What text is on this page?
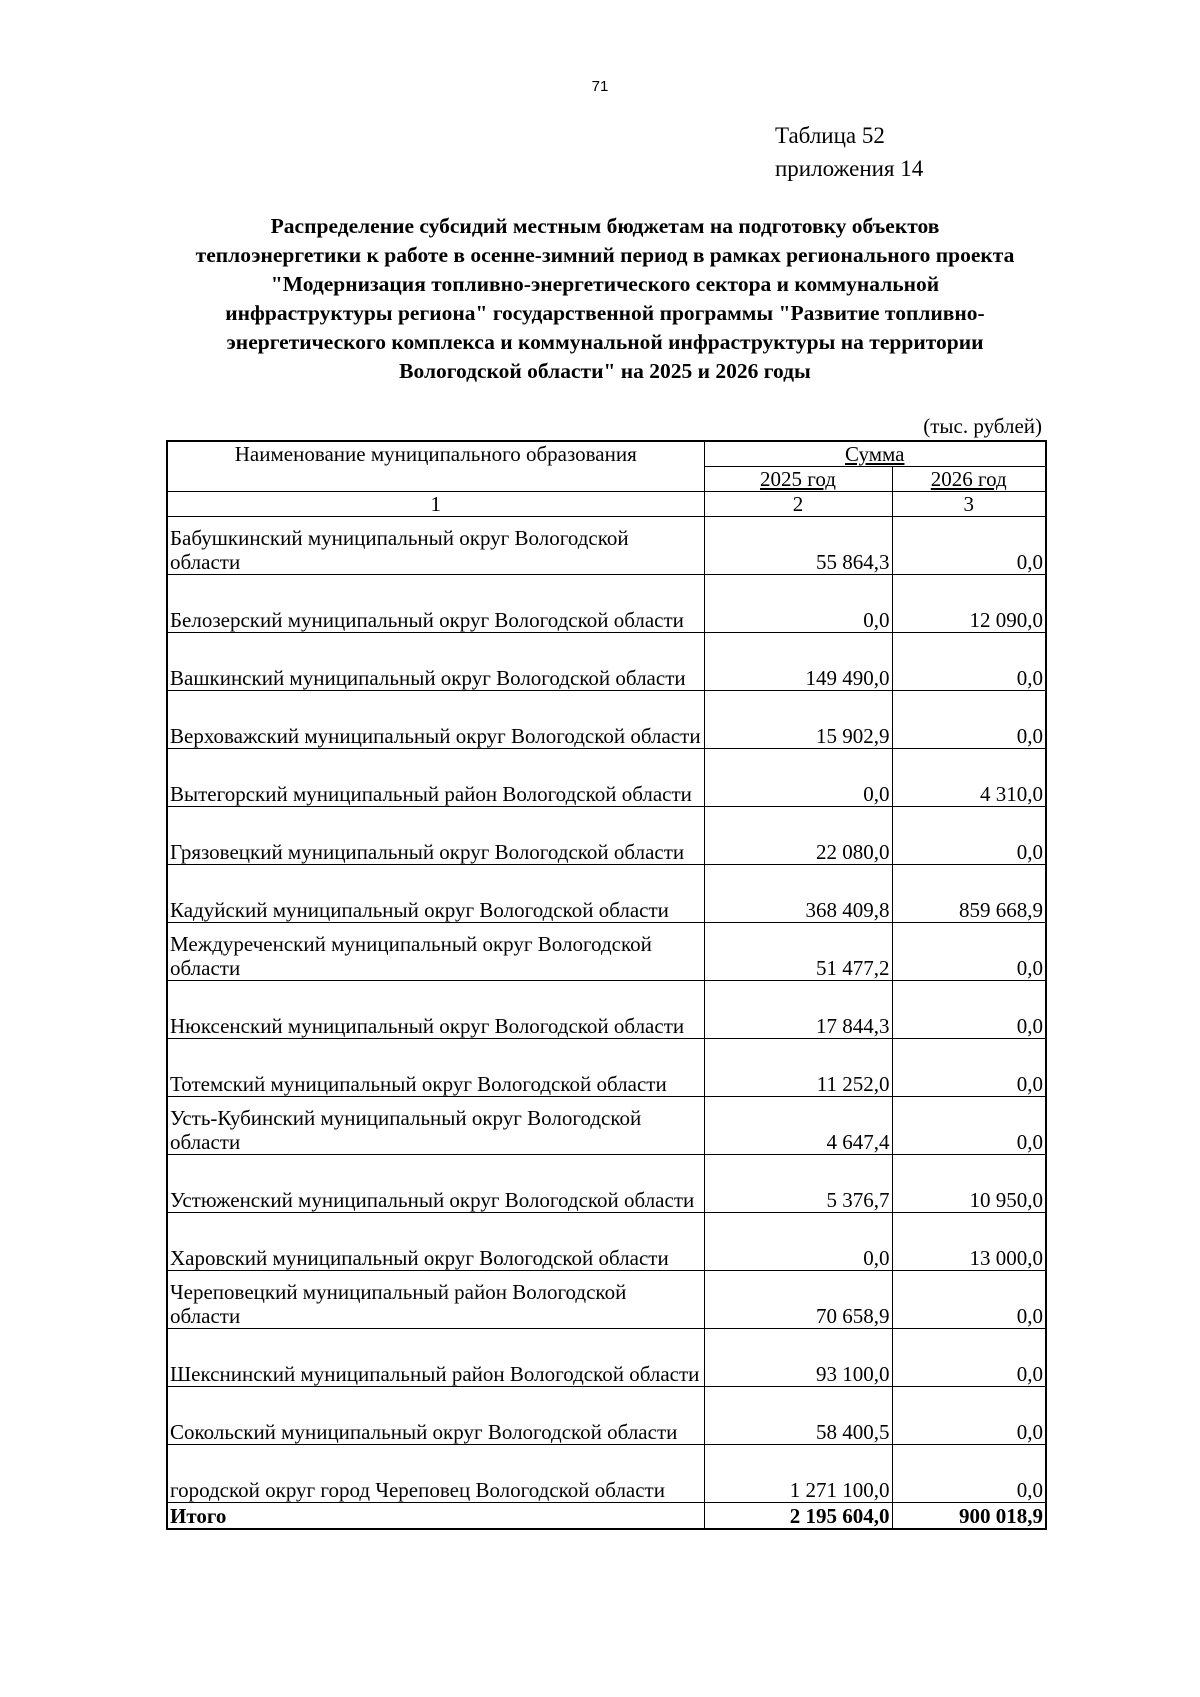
71
Таблица 52
приложения 14
Распределение субсидий местным бюджетам на подготовку объектов
теплоэнергетики к работе в осенне-зимний период в рамках регионального проекта
"Модернизация топливно-энергетического сектора и коммунальной
инфраструктуры региона" государственной программы "Развитие топливно-
энергетического комплекса и коммунальной инфраструктуры на территории
Вологодской области" на 2025 и 2026 годы
(тыс. рублей)
Наименование муниципального образования	Сумма	
	2025 год	2026 год
1	2	3
Бабушкинский муниципальный округ Вологодской области	55 864,3	0,0
Белозерский муниципальный округ Вологодской области	0,0	12 090,0
Вашкинский муниципальный округ Вологодской области	149 490,0	0,0
Верховажский муниципальный округ Вологодской области	15 902,9	0,0
Вытегорский муниципальный район Вологодской области	0,0	4 310,0
Грязовецкий муниципальный округ Вологодской области	22 080,0	0,0
Кадуйский муниципальный округ Вологодской области	368 409,8	859 668,9
Междуреченский муниципальный округ Вологодской области	51 477,2	0,0
Нюксенский муниципальный округ Вологодской области	17 844,3	0,0
Тотемский муниципальный округ Вологодской области	11 252,0	0,0
Усть-Кубинский муниципальный округ Вологодской области	4 647,4	0,0
Устюженский муниципальный округ Вологодской области	5 376,7	10 950,0
Харовский муниципальный округ Вологодской области	0,0	13 000,0
Череповецкий муниципальный район Вологодской области	70 658,9	0,0
Шекснинский муниципальный район Вологодской области	93 100,0	0,0
Сокольский муниципальный округ Вологодской области	58 400,5	0,0
городской округ город Череповец Вологодской области	1 271 100,0	0,0
Итого	2 195 604,0	900 018,9
